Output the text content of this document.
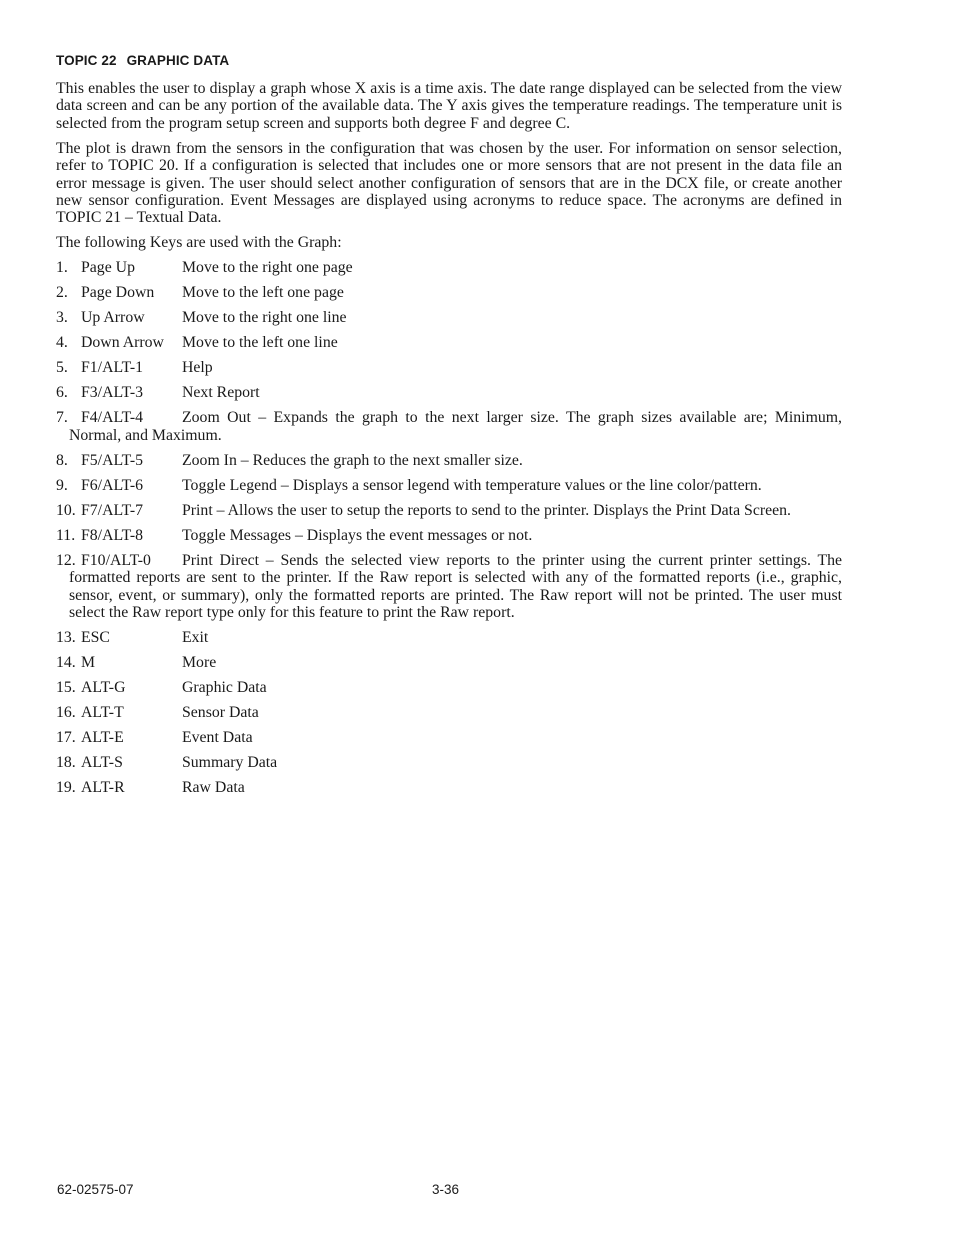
TOPIC 22 GRAPHIC DATA

This enables the user to display a graph whose X axis is a time axis. The date range displayed can be selected from the view data screen and can be any portion of the available data. The Y axis gives the temperature readings. The temperature unit is selected from the program setup screen and supports both degree F and degree C.

The plot is drawn from the sensors in the configuration that was chosen by the user. For information on sensor selection, refer to TOPIC 20. If a configuration is selected that includes one or more sensors that are not present in the data file an error message is given. The user should select another configuration of sensors that are in the DCX file, or create another new sensor configuration. Event Messages are displayed using acronyms to reduce space. The acronyms are defined in TOPIC 21 – Textual Data.

The following Keys are used with the Graph:

1. Page Up	Move to the right one page
2. Page Down Move to the left one page
3. Up Arrow Move to the right one line
4. Down Arrow Move to the left one line
5. F1/ALT-1 Help
6. F3/ALT-3 Next Report
7. F4/ALT-4 Zoom Out – Expands the graph to the next larger size. The graph sizes available are; Minimum, Normal, and Maximum.
8. F5/ALT-5 Zoom In – Reduces the graph to the next smaller size.
9. F6/ALT-6 Toggle Legend – Displays a sensor legend with temperature values or the line color/pattern.
10. F7/ALT-7 Print – Allows the user to setup the reports to send to the printer. Displays the Print Data Screen.
11. F8/ALT-8 Toggle Messages – Displays the event messages or not.
12. F10/ALT-0 Print Direct – Sends the selected view reports to the printer using the current printer settings. The formatted reports are sent to the printer. If the Raw report is selected with any of the formatted reports (i.e., graphic, sensor, event, or summary), only the formatted reports are printed. The Raw report will not be printed. The user must select the Raw report type only for this feature to print the Raw report.
13. ESC	Exit
14. M	More
15. ALT-G	Graphic Data
16. ALT-T	Sensor Data
17. ALT-E	Event Data
18. ALT-S	Summary Data
19. ALT-R	Raw Data
62-02575-07	3-36
